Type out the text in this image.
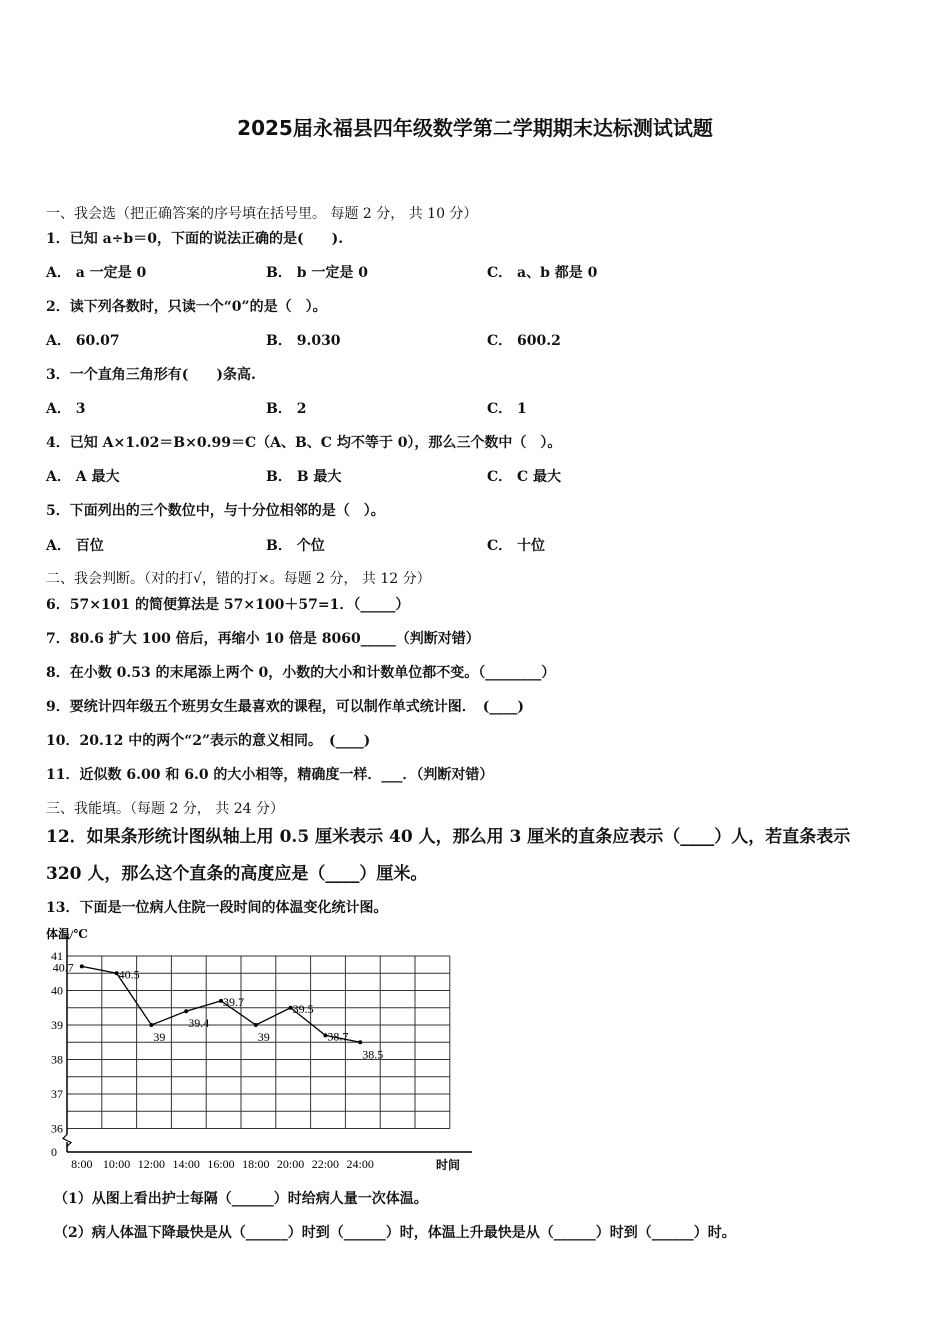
2025届永福县四年级数学第二学期期末达标测试试题
一、我会选（把正确答案的序号填在括号里。 每题 2 分， 共 10 分）
1．已知 a÷b＝0，下面的说法正确的是(　　).
A． a 一定是 0	B． b 一定是 0	C． a、b 都是 0
2．读下列各数时，只读一个“0”的是（　）。
A． 60.07	B． 9.030	C． 600.2
3．一个直角三角形有(　　)条高.
A． 3	B． 2	C． 1
4．已知 A×1.02＝B×0.99＝C（A、B、C 均不等于 0），那么三个数中（　）。
A． A 最大	B． B 最大	C． C 最大
5．下面列出的三个数位中，与十分位相邻的是（　）。
A． 百位	B． 个位	C． 十位
二、我会判断。（对的打√，错的打×。每题 2 分， 共 12 分）
6．57×101 的简便算法是 57×100＋57=1．（_____）
7．80.6 扩大 100 倍后，再缩小 10 倍是 8060_____（判断对错）
8．在小数 0.53 的末尾添上两个 0，小数的大小和计数单位都不变。（________）
9．要统计四年级五个班男女生最喜欢的课程，可以制作单式统计图．　(____)
10．20.12 中的两个“2”表示的意义相同。　(____)
11．近似数 6.00 和 6.0 的大小相等，精确度一样．___．（判断对错）
三、我能填。（每题 2 分， 共 24 分）
12．如果条形统计图纵轴上用 0.5 厘米表示 40 人，那么用 3 厘米的直条应表示（____）人，若直条表示
320 人，那么这个直条的高度应是（____）厘米。
13．下面是一位病人住院一段时间的体温变化统计图。
41
40
39
38
37
36
0
8:00 10:00 12:00 14:00 16:00 18:00 20:00 22:00 24:00
40.7	40.5
39
39.4
39.7
39
39.5
38.7
38.5
体温/℃
时间
（1）从图上看出护士每隔（______）时给病人量一次体温。
（2）病人体温下降最快是从（______）时到（______）时，体温上升最快是从（______）时到（______）时。
